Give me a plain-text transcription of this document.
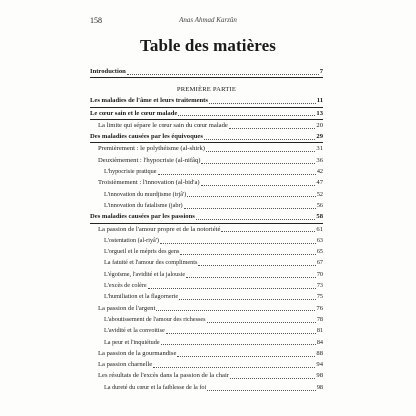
158	Anas Ahmad Karzûn
Table des matières
Introduction	7
PREMIÈRE PARTIE
Les maladies de l'âme et leurs traitements	11
Le cœur sain et le cœur malade	13
La limite qui sépare le cœur sain du cœur malade	20
Des maladies causées par les équivoques	29
Premièrement : le polythéisme (al-shirk)	31
Deuxièmement : l'hypocrisie (al-nifâq)	36
L'hypocrisie pratique	42
Troisièmement : l'innovation (al-bid'a)	47
L'innovation du murdjisme (irjâ')	52
L'innovation du fatalisme (jabr)	56
Des maladies causées par les passions	58
La passion de l'amour propre et de la notoriété	61
L'ostentation (al-riyâ')	63
L'orgueil et le mépris des gens	65
La fatuité et l'amour des compliments	67
L'égoïsme, l'avidité et la jalousie	70
L'excès de colère	73
L'humiliation et la flagornerie	75
La passion de l'argent	76
L'aboutissement de l'amour des richesses	78
L'avidité et la convoitise	81
La peur et l'inquiétude	84
La passion de la gourmandise	88
La passion charnelle	94
Les résultats de l'excès dans la passion de la chair	98
La dureté du cœur et la faiblesse de la foi	98
